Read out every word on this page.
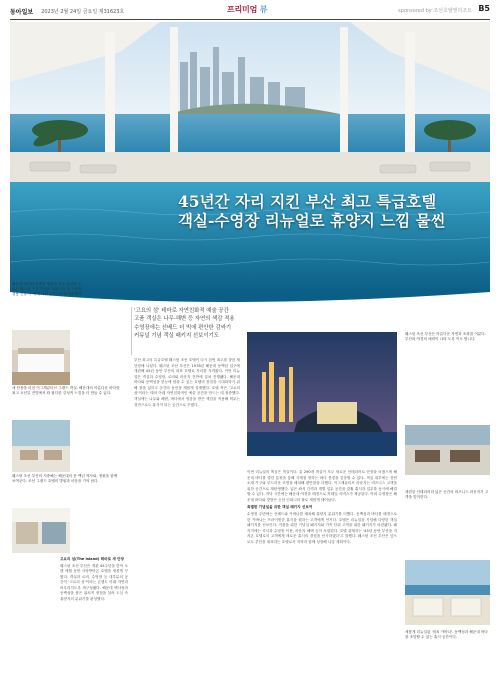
동아일보 2023년 2월 24일 금요일 제31623호	프리미엄 뷰	sponsored by 조선호텔앤리조트 B5
45년간 자리 지킨 부산 최고 특급호텔
객실-수영장 리뉴얼로 휴양지 느낌 물씬
해운대 바다와 동백섬 헬룸을 모두 감상할 수 있는 웨스틴 조선 부산의 인피니티 자 스윔을 겸용 인플 이 목에 러진 공간으로 탈바꿈했다.
'고요의 섬' 테마로 자연친화적 예술 공간
고품 객실은 나무-해변 등 자연의 색감 적용
수영장에는 선베드 더 빅에 편안한 감싸기
커뮤널 기념 객실 패키지 선보이기도
새 단장을 마친 이그제큐티브 그랜드 객실. 해운대의 아름다운 바다를 최고 오션뷰 전망에서 꽉 잡다한 감성적 느낌을 더 만들 수 있다.
웨스틴 조선 부산의 지중해는 해운대의 문 백년 역사와, 정원을 함께 보여준다. 조선 그랜드 호텔의 발원과 마음을 기억 담다.
고요의 섬(The Island) 테마로 새 단장
웨스틴 조선 부산은 개관 45주년을 맞아 오랜 세월 동안 사랑받아온 호텔을 새롭게 꾸몄다. 객실과 로비, 수영장 등 대부분의 공간이 '고요의 섬'이라는 콘셉트 아래 자연과 어우러지도록 재구성됐다. 해운대 백사장과 동백섬을 품은 위치적 장점을 살려 도심 속 휴양지의 분위기를 완성했다.
부산 최고의 특급호텔 웨스틴 조선 호텔이 다시 한번 최고를 향한 새 단장에 나섰다. 웨스틴 조선 부산은 1978년 해운대 동백섬 입구에 개관해 45년 동안 부산의 대표 호텔로 자리를 지켜왔다. 이번 리뉴얼은 객실과 수영장, 로비와 라운지 전반에 걸쳐 진행됐다. 해운대 바다와 동백섬을 한눈에 담을 수 있는 호텔의 장점을 극대화하기 위해 창을 넓히고 공간의 동선을 새롭게 설계했다. 호텔 측은 '고요의 섬'이라는 테마 아래 자연친화적인 예술 공간을 만드는 데 집중했다. 객실에는 나무와 해변, 바다에서 영감을 받은 색감을 적용해 머무는 것만으로도 휴식이 되는 공간으로 꾸몄다.
웨스틴 조선 부산은 아름다운 자연과 조화를 이룬다. 부산의 야경의 매력이 나타 도록 이도 합니다.
이번 리뉴얼의 핵심은 객실이다. 총 290개 객실이 모두 새로운 인테리어로 단장을 마쳤으며 해운대 바다를 향한 통창을 통해 사계절 변하는 바다 풍경을 감상할 수 있다. 객실 내부에는 천연 소재 가구와 부드러운 조명을 배치해 편안함을 더했다. 이그제큐티브 라운지는 비즈니스 고객을 위한 공간으로 재탄생했다. 넓은 좌석 간격과 개별 업무 공간을 갖춰 휴식과 업무를 동시에 해결할 수 있다. 저녁 시간에는 해운대 야경을 배경으로 칵테일 서비스가 제공된다. 야외 수영장은 해운대 바다와 맞닿은 듯한 인피니티 풀로 새롭게 태어났다.
특별한 기념일을 위한 객실 패키지 선보여
수영장 주변에는 선베드와 카바나를 배치해 휴양지 분위기를 더했다. 동백섬과 바다를 배경으로 한 카바나는 프라이빗한 휴식을 원하는 고객에게 인기다. 호텔은 리뉴얼을 기념해 다양한 객실 패키지를 선보인다. 커플을 위한 기념일 패키지와 가족 단위 고객을 위한 패키지가 마련됐다. 패키지에는 조식과 수영장 이용, 라운지 혜택 등이 포함된다. 호텔 관계자는 '45년 동안 부산을 지켜온 호텔로서 고객에게 새로운 휴식의 경험을 선사하겠다'고 말했다. 웨스틴 조선 부산은 앞으로도 부산을 대표하는 호텔로서 지역과 함께 성장해 나갈 계획이다.
세련된 인테리어의 넓은 공간의 비즈니스 라운지가 고객을 맞이한다.
새롭게 리뉴얼된 '비치 카바나'. 동백섬과 해운대 바다를 조망할 수 있는 휴식 공간이다.
